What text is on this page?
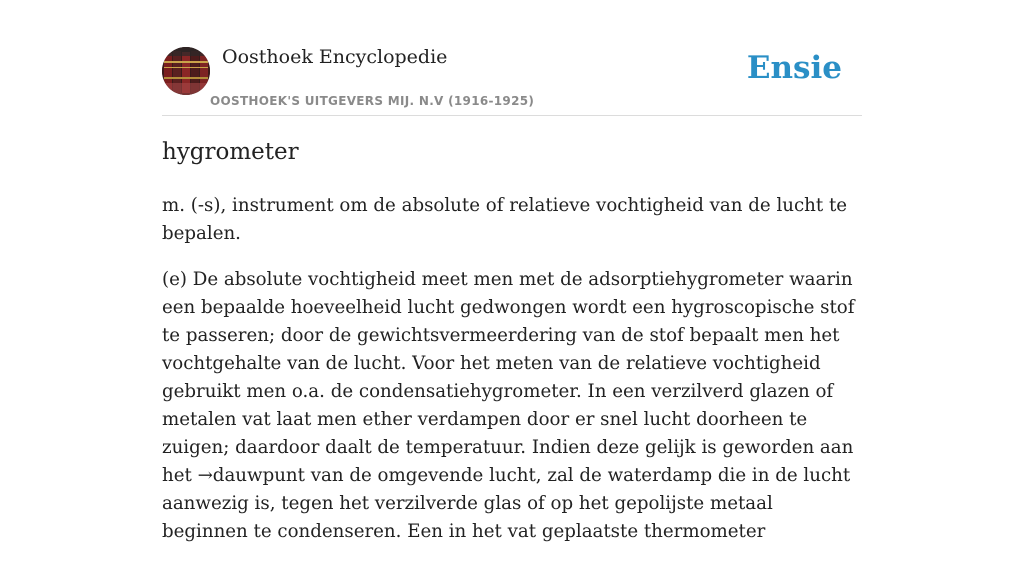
Oosthoek Encyclopedie
OOSTHOEK'S UITGEVERS MIJ. N.V (1916-1925)
Ensie
hygrometer

m. (-s), instrument om de absolute of relatieve vochtigheid van de lucht te bepalen.

(e) De absolute vochtigheid meet men met de adsorptiehygrometer waarin een bepaalde hoeveelheid lucht gedwongen wordt een hygroscopische stof te passeren; door de gewichtsvermeerdering van de stof bepaalt men het vochtgehalte van de lucht. Voor het meten van de relatieve vochtigheid gebruikt men o.a. de condensatiehygrometer. In een verzilverd glazen of metalen vat laat men ether verdampen door er snel lucht doorheen te zuigen; daardoor daalt de temperatuur. Indien deze gelijk is geworden aan het →dauwpunt van de omgevende lucht, zal de waterdamp die in de lucht aanwezig is, tegen het verzilverde glas of op het gepolijste metaal beginnen te condenseren. Een in het vat geplaatste thermometer
